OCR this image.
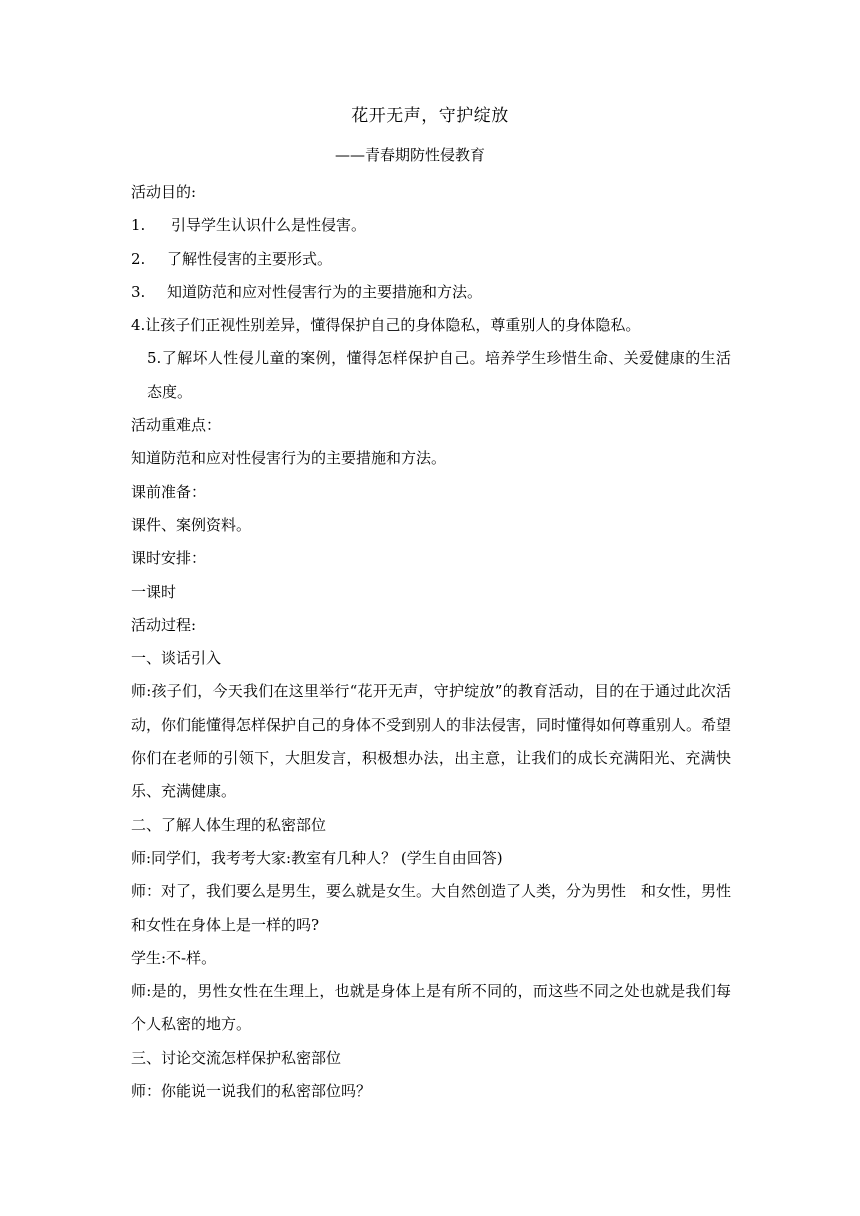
花开无声，守护绽放
——青春期防性侵教育
活动目的:
1. 引导学生认识什么是性侵害。
2. 了解性侵害的主要形式。
3. 知道防范和应对性侵害行为的主要措施和方法。
4.让孩子们正视性别差异，懂得保护自己的身体隐私，尊重别人的身体隐私。
5.了解坏人性侵儿童的案例，懂得怎样保护自己。培养学生珍惜生命、关爱健康的生活态度。
活动重难点：
知道防范和应对性侵害行为的主要措施和方法。
课前准备：
课件、案例资料。
课时安排：
一课时
活动过程:
一、谈话引入
师:孩子们，今天我们在这里举行“花开无声，守护绽放”的教育活动，目的在于通过此次活动，你们能懂得怎样保护自己的身体不受到别人的非法侵害，同时懂得如何尊重别人。希望你们在老师的引领下，大胆发言，积极想办法，出主意，让我们的成长充满阳光、充满快乐、充满健康。
二、了解人体生理的私密部位
师:同学们，我考考大家:教室有几种人？ (学生自由回答)
师：对了，我们要么是男生，要么就是女生。大自然创造了人类，分为男性　和女性，男性和女性在身体上是一样的吗?
学生:不-样。
师:是的，男性女性在生理上，也就是身体上是有所不同的，而这些不同之处也就是我们每个人私密的地方。
三、讨论交流怎样保护私密部位
师：你能说一说我们的私密部位吗？
